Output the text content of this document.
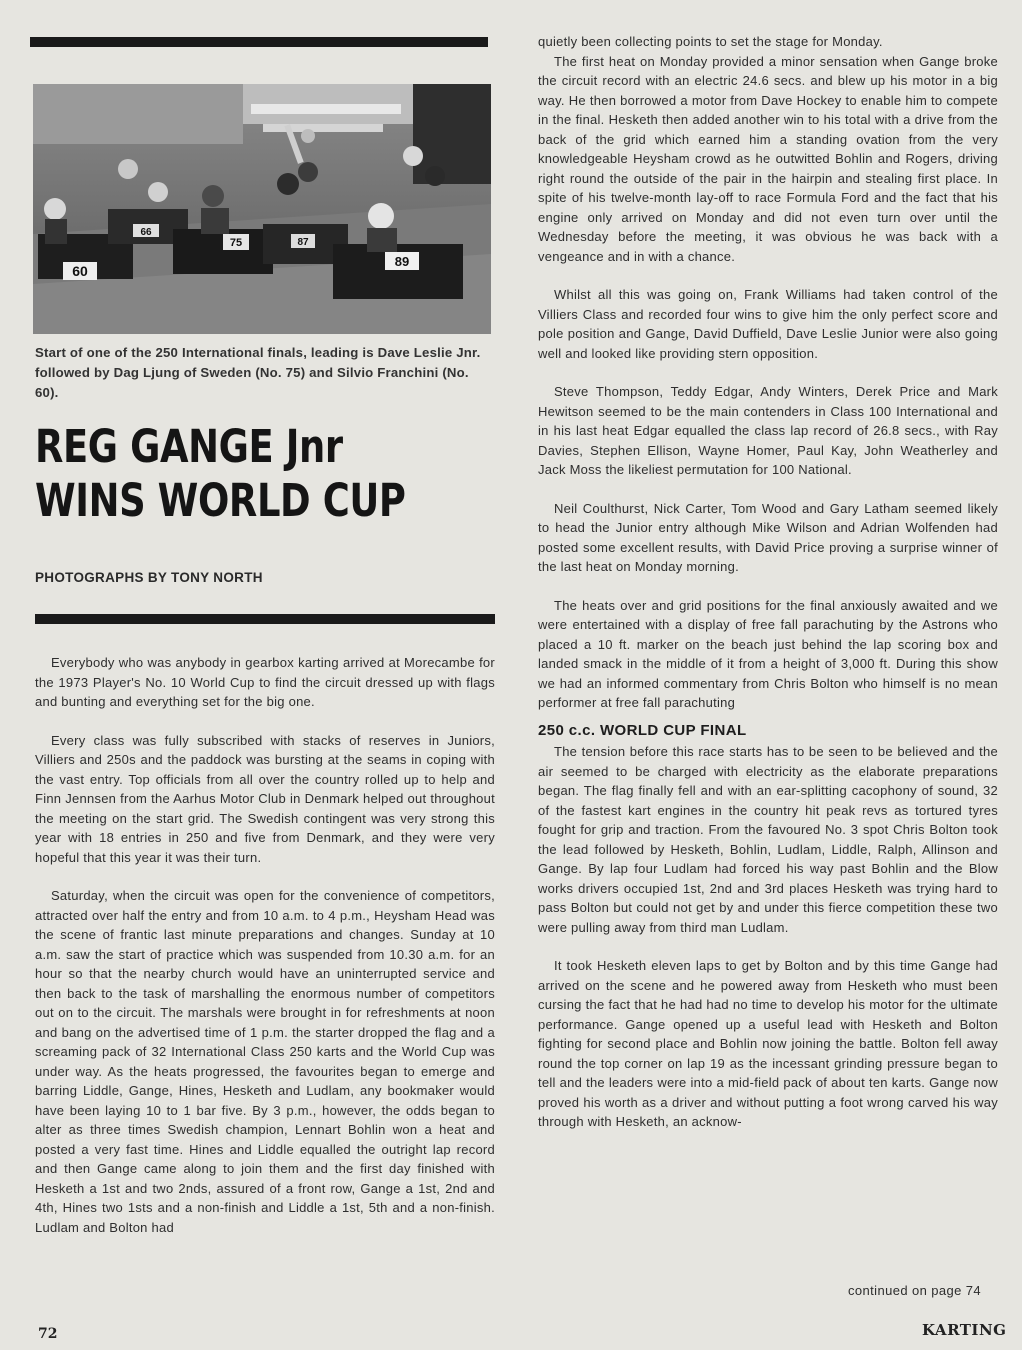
60
66
75	87
89
Start of one of the 250 International finals, leading is Dave Leslie Jnr. followed by Dag Ljung of Sweden (No. 75) and Silvio Franchini (No. 60).
REG GANGE Jnr
WINS WORLD CUP
PHOTOGRAPHS BY TONY NORTH

Everybody who was anybody in gearbox karting arrived at Morecambe for the 1973 Player's No. 10 World Cup to find the circuit dressed up with flags and bunting and everything set for the big one.

Every class was fully subscribed with stacks of reserves in Juniors, Villiers and 250s and the paddock was bursting at the seams in coping with the vast entry. Top officials from all over the country rolled up to help and Finn Jennsen from the Aarhus Motor Club in Denmark helped out throughout the meeting on the start grid. The Swedish contingent was very strong this year with 18 entries in 250 and five from Denmark, and they were very hopeful that this year it was their turn.

Saturday, when the circuit was open for the convenience of competitors, attracted over half the entry and from 10 a.m. to 4 p.m., Heysham Head was the scene of frantic last minute preparations and changes. Sunday at 10 a.m. saw the start of practice which was suspended from 10.30 a.m. for an hour so that the nearby church would have an uninterrupted service and then back to the task of marshalling the enormous number of competitors out on to the circuit. The marshals were brought in for refreshments at noon and bang on the advertised time of 1 p.m. the starter dropped the flag and a screaming pack of 32 International Class 250 karts and the World Cup was under way. As the heats progressed, the favourites began to emerge and barring Liddle, Gange, Hines, Hesketh and Ludlam, any bookmaker would have been laying 10 to 1 bar five. By 3 p.m., however, the odds began to alter as three times Swedish champion, Lennart Bohlin won a heat and posted a very fast time. Hines and Liddle equalled the outright lap record and then Gange came along to join them and the first day finished with Hesketh a 1st and two 2nds, assured of a front row, Gange a 1st, 2nd and 4th, Hines two 1sts and a non-finish and Liddle a 1st, 5th and a non-finish. Ludlam and Bolton had

quietly been collecting points to set the stage for Monday.

The first heat on Monday provided a minor sensation when Gange broke the circuit record with an electric 24.6 secs. and blew up his motor in a big way. He then borrowed a motor from Dave Hockey to enable him to compete in the final. Hesketh then added another win to his total with a drive from the back of the grid which earned him a standing ovation from the very knowledgeable Heysham crowd as he outwitted Bohlin and Rogers, driving right round the outside of the pair in the hairpin and stealing first place. In spite of his twelve-month lay-off to race Formula Ford and the fact that his engine only arrived on Monday and did not even turn over until the Wednesday before the meeting, it was obvious he was back with a vengeance and in with a chance.

Whilst all this was going on, Frank Williams had taken control of the Villiers Class and recorded four wins to give him the only perfect score and pole position and Gange, David Duffield, Dave Leslie Junior were also going well and looked like providing stern opposition.

Steve Thompson, Teddy Edgar, Andy Winters, Derek Price and Mark Hewitson seemed to be the main contenders in Class 100 International and in his last heat Edgar equalled the class lap record of 26.8 secs., with Ray Davies, Stephen Ellison, Wayne Homer, Paul Kay, John Weatherley and Jack Moss the likeliest permutation for 100 National.

Neil Coulthurst, Nick Carter, Tom Wood and Gary Latham seemed likely to head the Junior entry although Mike Wilson and Adrian Wolfenden had posted some excellent results, with David Price proving a surprise winner of the last heat on Monday morning.

The heats over and grid positions for the final anxiously awaited and we were entertained with a display of free fall parachuting by the Astrons who placed a 10 ft. marker on the beach just behind the lap scoring box and landed smack in the middle of it from a height of 3,000 ft. During this show we had an informed commentary from Chris Bolton who himself is no mean performer at free fall parachuting

250 c.c. WORLD CUP FINAL

The tension before this race starts has to be seen to be believed and the air seemed to be charged with electricity as the elaborate preparations began. The flag finally fell and with an ear-splitting cacophony of sound, 32 of the fastest kart engines in the country hit peak revs as tortured tyres fought for grip and traction. From the favoured No. 3 spot Chris Bolton took the lead followed by Hesketh, Bohlin, Ludlam, Liddle, Ralph, Allinson and Gange. By lap four Ludlam had forced his way past Bohlin and the Blow works drivers occupied 1st, 2nd and 3rd places Hesketh was trying hard to pass Bolton but could not get by and under this fierce competition these two were pulling away from third man Ludlam.

It took Hesketh eleven laps to get by Bolton and by this time Gange had arrived on the scene and he powered away from Hesketh who must been cursing the fact that he had had no time to develop his motor for the ultimate performance. Gange opened up a useful lead with Hesketh and Bolton fighting for second place and Bohlin now joining the battle. Bolton fell away round the top corner on lap 19 as the incessant grinding pressure began to tell and the leaders were into a mid-field pack of about ten karts. Gange now proved his worth as a driver and without putting a foot wrong carved his way through with Hesketh, an acknow-

continued on page 74
72	KARTING
